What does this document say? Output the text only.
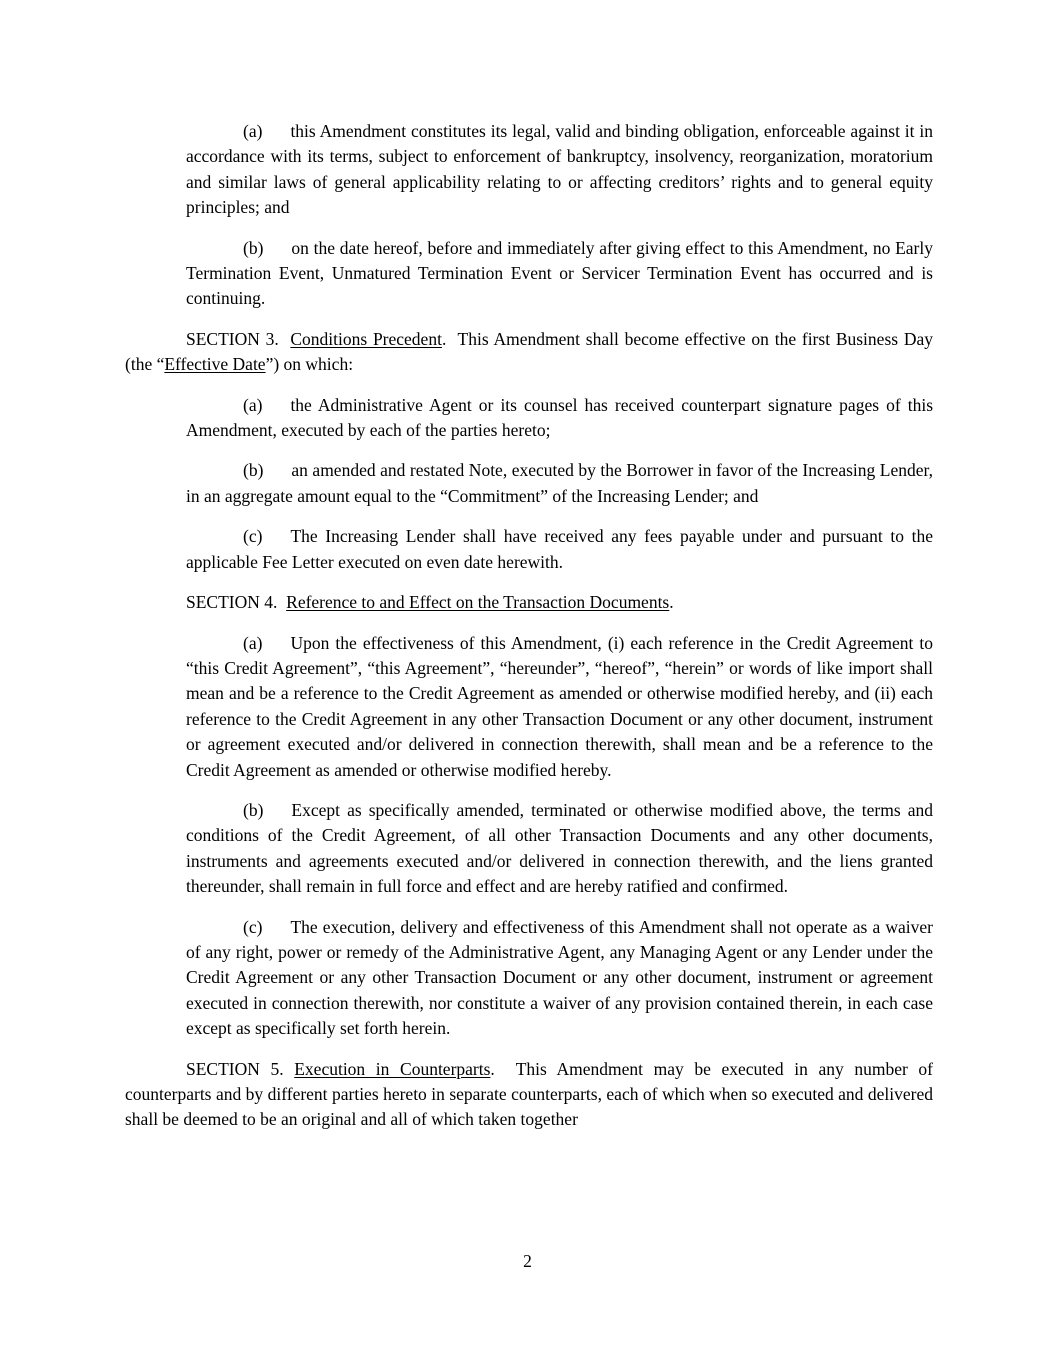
(a) this Amendment constitutes its legal, valid and binding obligation, enforceable against it in accordance with its terms, subject to enforcement of bankruptcy, insolvency, reorganization, moratorium and similar laws of general applicability relating to or affecting creditors’ rights and to general equity principles; and

(b) on the date hereof, before and immediately after giving effect to this Amendment, no Early Termination Event, Unmatured Termination Event or Servicer Termination Event has occurred and is continuing.

SECTION 3.  Conditions Precedent.  This Amendment shall become effective on the first Business Day (the “Effective Date”) on which:

(a) the Administrative Agent or its counsel has received counterpart signature pages of this Amendment, executed by each of the parties hereto;

(b) an amended and restated Note, executed by the Borrower in favor of the Increasing Lender, in an aggregate amount equal to the “Commitment” of the Increasing Lender; and

(c) The Increasing Lender shall have received any fees payable under and pursuant to the applicable Fee Letter executed on even date herewith.

SECTION 4.  Reference to and Effect on the Transaction Documents.

(a) Upon the effectiveness of this Amendment, (i) each reference in the Credit Agreement to “this Credit Agreement”, “this Agreement”, “hereunder”, “hereof”, “herein” or words of like import shall mean and be a reference to the Credit Agreement as amended or otherwise modified hereby, and (ii) each reference to the Credit Agreement in any other Transaction Document or any other document, instrument or agreement executed and/or delivered in connection therewith, shall mean and be a reference to the Credit Agreement as amended or otherwise modified hereby.

(b) Except as specifically amended, terminated or otherwise modified above, the terms and conditions of the Credit Agreement, of all other Transaction Documents and any other documents, instruments and agreements executed and/or delivered in connection therewith, and the liens granted thereunder, shall remain in full force and effect and are hereby ratified and confirmed.

(c) The execution, delivery and effectiveness of this Amendment shall not operate as a waiver of any right, power or remedy of the Administrative Agent, any Managing Agent or any Lender under the Credit Agreement or any other Transaction Document or any other document, instrument or agreement executed in connection therewith, nor constitute a waiver of any provision contained therein, in each case except as specifically set forth herein.

SECTION 5. Execution in Counterparts.  This Amendment may be executed in any number of counterparts and by different parties hereto in separate counterparts, each of which when so executed and delivered shall be deemed to be an original and all of which taken together

2
